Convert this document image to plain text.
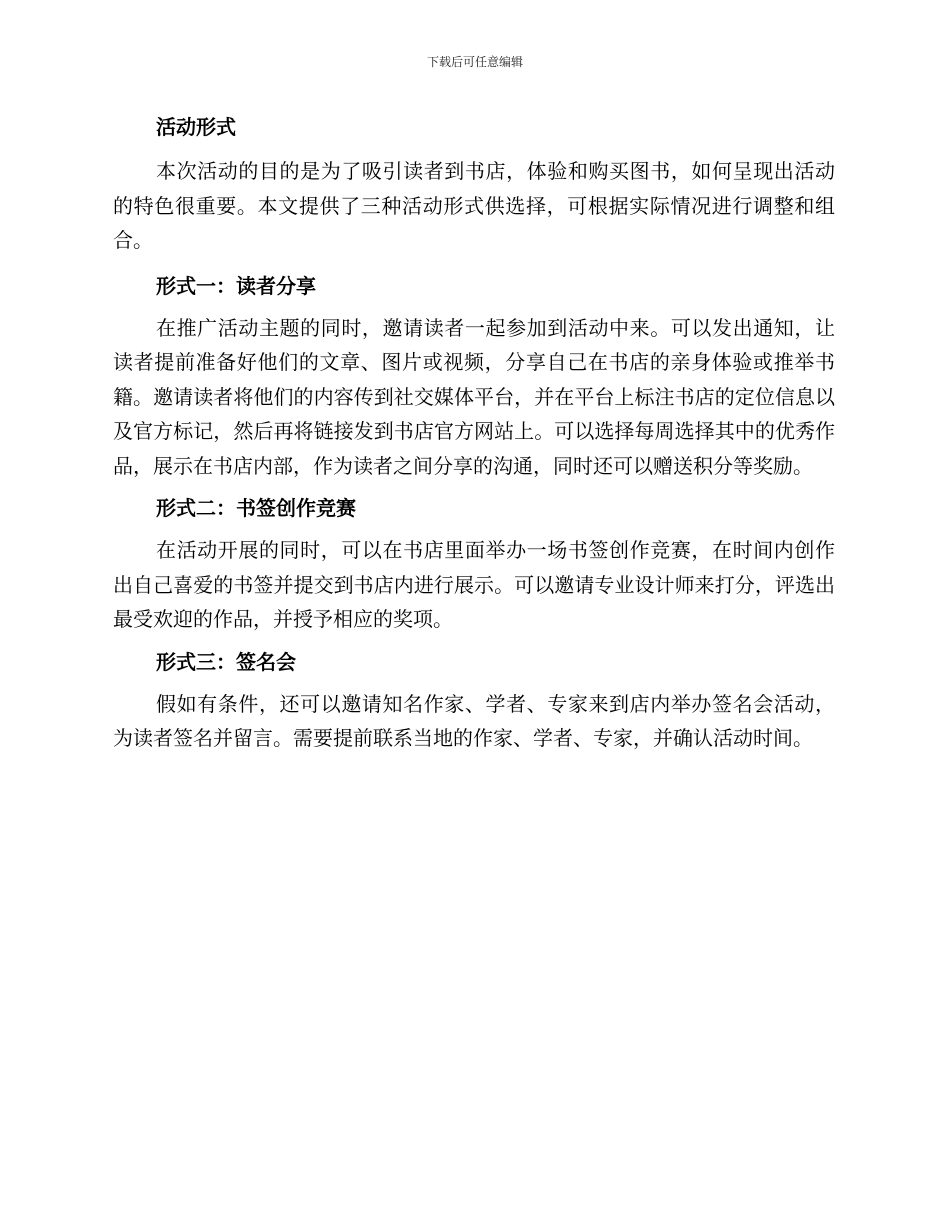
下载后可任意编辑
活动形式

本次活动的目的是为了吸引读者到书店，体验和购买图书，如何呈现出活动的特色很重要。本文提供了三种活动形式供选择，可根据实际情况进行调整和组合。

形式一：读者分享

在推广活动主题的同时，邀请读者一起参加到活动中来。可以发出通知，让读者提前准备好他们的文章、图片或视频，分享自己在书店的亲身体验或推举书籍。邀请读者将他们的内容传到社交媒体平台，并在平台上标注书店的定位信息以及官方标记，然后再将链接发到书店官方网站上。可以选择每周选择其中的优秀作品，展示在书店内部，作为读者之间分享的沟通，同时还可以赠送积分等奖励。

形式二：书签创作竞赛

在活动开展的同时，可以在书店里面举办一场书签创作竞赛，在时间内创作出自己喜爱的书签并提交到书店内进行展示。可以邀请专业设计师来打分，评选出最受欢迎的作品，并授予相应的奖项。

形式三：签名会

假如有条件，还可以邀请知名作家、学者、专家来到店内举办签名会活动，为读者签名并留言。需要提前联系当地的作家、学者、专家，并确认活动时间。
